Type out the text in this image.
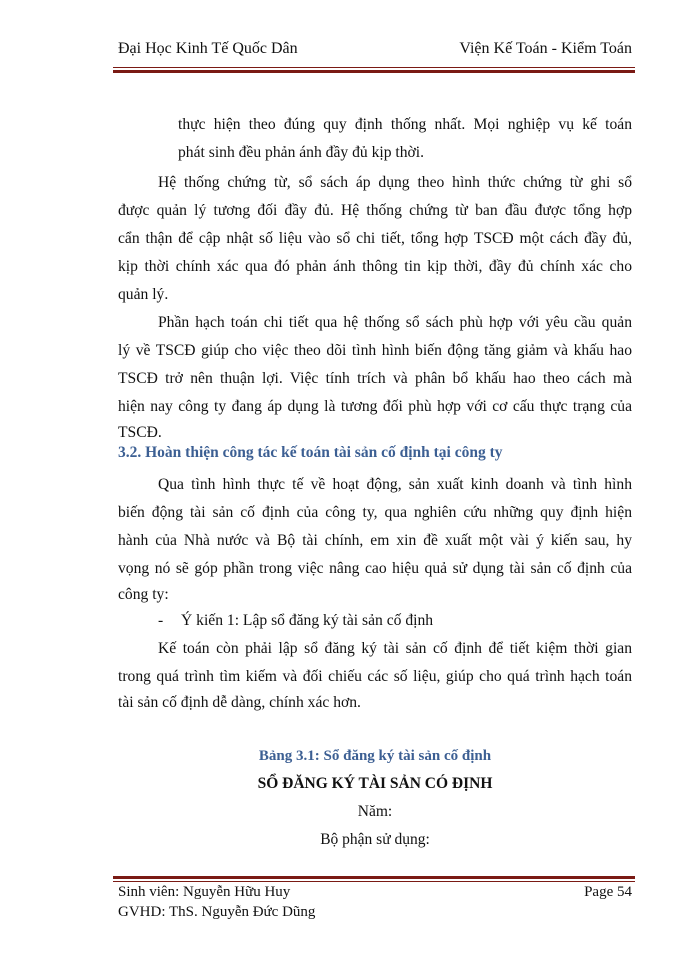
Đại Học Kinh Tế Quốc Dân	Viện Kế Toán - Kiểm Toán
thực hiện theo đúng quy định thống nhất. Mọi nghiệp vụ kế toán
phát sinh đều phản ánh đầy đủ kịp thời.
Hệ thống chứng từ, sổ sách áp dụng theo hình thức chứng từ ghi sổ
được quản lý tương đối đầy đủ. Hệ thống chứng từ ban đầu được tổng hợp
cẩn thận để cập nhật số liệu vào sổ chi tiết, tổng hợp TSCĐ một cách đầy đủ,
kịp thời chính xác qua đó phản ánh thông tin kịp thời, đầy đủ chính xác cho
quản lý.
Phần hạch toán chi tiết qua hệ thống sổ sách phù hợp với yêu cầu quản
lý về TSCĐ giúp cho việc theo dõi tình hình biến động tăng giảm và khấu hao
TSCĐ trở nên thuận lợi. Việc tính trích và phân bổ khấu hao theo cách mà
hiện nay công ty đang áp dụng là tương đối phù hợp với cơ cấu thực trạng của
TSCĐ.
3.2. Hoàn thiện công tác kế toán tài sản cố định tại công ty
Qua tình hình thực tế về hoạt động, sản xuất kinh doanh và tình hình
biến động tài sản cố định của công ty, qua nghiên cứu những quy định hiện
hành của Nhà nước và Bộ tài chính, em xin đề xuất một vài ý kiến sau, hy
vọng nó sẽ góp phần trong việc nâng cao hiệu quả sử dụng tài sản cố định của
công ty:
- Ý kiến 1: Lập sổ đăng ký tài sản cố định
Kế toán còn phải lập sổ đăng ký tài sản cố định để tiết kiệm thời gian
trong quá trình tìm kiếm và đối chiếu các số liệu, giúp cho quá trình hạch toán
tài sản cố định dễ dàng, chính xác hơn.
Bảng 3.1: Sổ đăng ký tài sản cố định
SỔ ĐĂNG KÝ TÀI SẢN CÓ ĐỊNH
Năm:
Bộ phận sử dụng:
Sinh viên: Nguyễn Hữu Huy	Page 54
GVHD: ThS. Nguyễn Đức Dũng
